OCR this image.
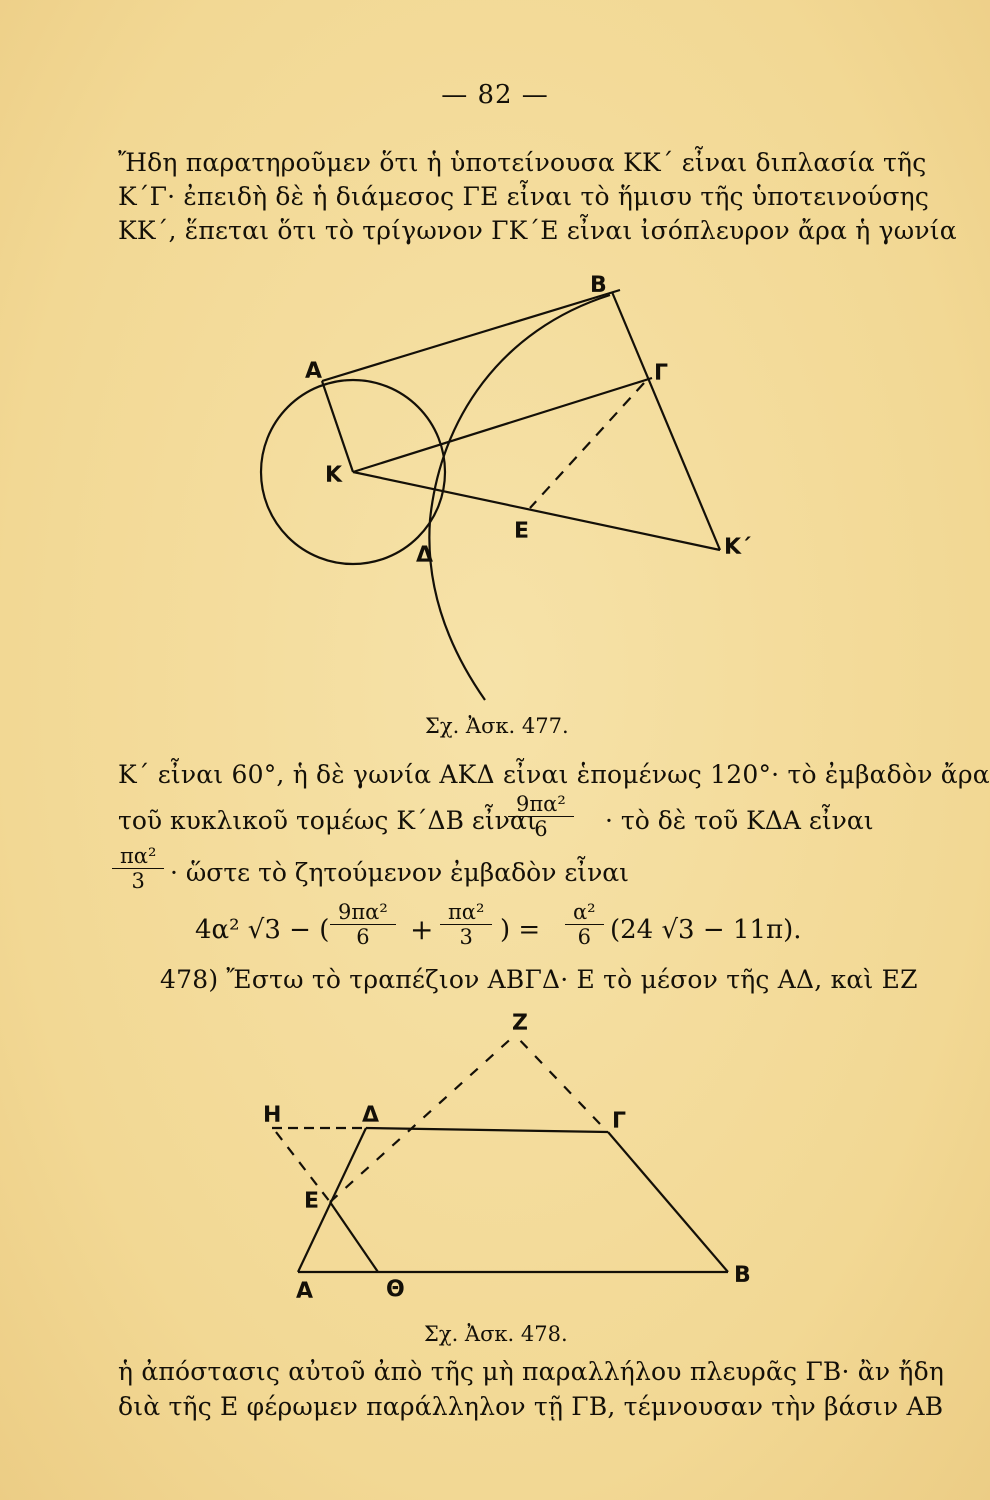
— 82 —
Ἤδη παρατηροῦμεν ὅτι ἡ ὑποτείνουσα ΚΚ΄ εἶναι διπλασία τῆς
Κ΄Γ· ἐπειδὴ δὲ ἡ διάμεσος ΓΕ εἶναι τὸ ἥμισυ τῆς ὑποτεινούσης
ΚΚ΄, ἕπεται ὅτι τὸ τρίγωνον ΓΚ΄Ε εἶναι ἰσόπλευρον ἄρα ἡ γωνία
Β
Α	Γ
Κ
Ε
Δ	Κ΄
Σχ. Ἀσκ. 477.
Κ΄ εἶναι 60°, ἡ δὲ γωνία ΑΚΔ εἶναι ἑπομένως 120°· τὸ ἐμβαδὸν ἄρα
τοῦ κυκλικοῦ τομέως Κ΄ΔΒ εἶναι
$\frac{\text{9πα²}}{6}$ · τὸ δὲ τοῦ ΚΔΑ εἶναι
$\frac{\text{πα²}}{3}$ · ὥστε τὸ ζητούμενον ἐμβαδὸν εἶναι
4α² √3 − ( $\frac{\text{9πα²}}{6} + \frac{\text{πα²}}{3}$ ) = $\frac{\text{α²}}{6} (24$ √3 − 11π).
478) Ἔστω τὸ τραπέζιον ΑΒΓΔ· Ε τὸ μέσον τῆς ΑΔ, καὶ ΕΖ
Ζ
Η	Δ	Γ
Ε
Α	Θ
Β
Σχ. Ἀσκ. 478.
ἡ ἀπόστασις αὐτοῦ ἀπὸ τῆς μὴ παραλλήλου πλευρᾶς ΓΒ· ἂν ἤδη
διὰ τῆς Ε φέρωμεν παράλληλον τῇ ΓΒ, τέμνουσαν τὴν βάσιν ΑΒ
